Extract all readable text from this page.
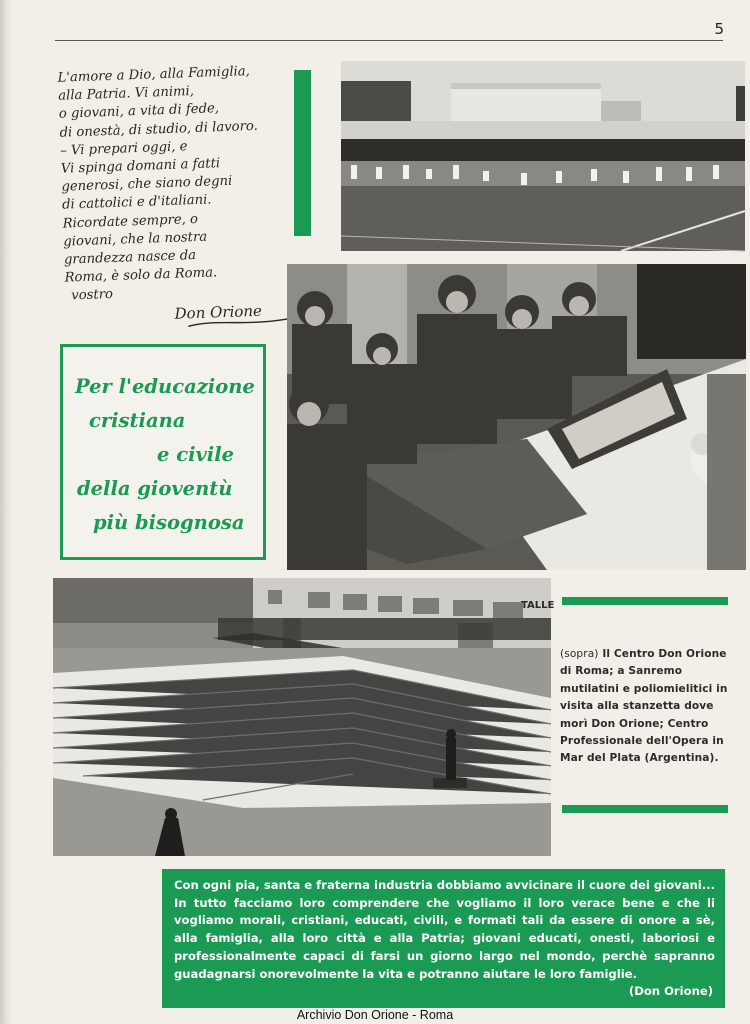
5
L'amore a Dio, alla Famiglia,
alla Patria. Vi animi,
o giovani, a vita di fede,
di onestà, di studio, di lavoro.
– Vi prepari oggi, e
Vi spinga domani a fatti
generosi, che siano degni
di cattolici e d'italiani.
Ricordate sempre, o
giovani, che la nostra
grandezza nasce da
Roma, è solo da Roma.
vostro
Don Orione
Per l'educazione
cristiana
e civile
della gioventù
più bisognosa
TALLE
(sopra) Il Centro Don Orione di Roma; a Sanremo mutilatini e poliomielitici in visita alla stanzetta dove morì Don Orione; Centro Professionale dell'Opera in Mar del Plata (Argentina).
Con ogni pia, santa e fraterna industria dobbiamo avvicinare il cuore dei giovani... In tutto facciamo loro comprendere che vogliamo il loro verace bene e che li vogliamo morali, cristiani, educati, civili, e formati tali da essere di onore a sè, alla famiglia, alla loro città e alla Patria; giovani educati, onesti, laboriosi e professionalmente capaci di farsi un giorno largo nel mondo, perchè sapranno guadagnarsi onorevolmente la vita e potranno aiutare le loro famiglie.
(Don Orione)
Archivio Don Orione - Roma
